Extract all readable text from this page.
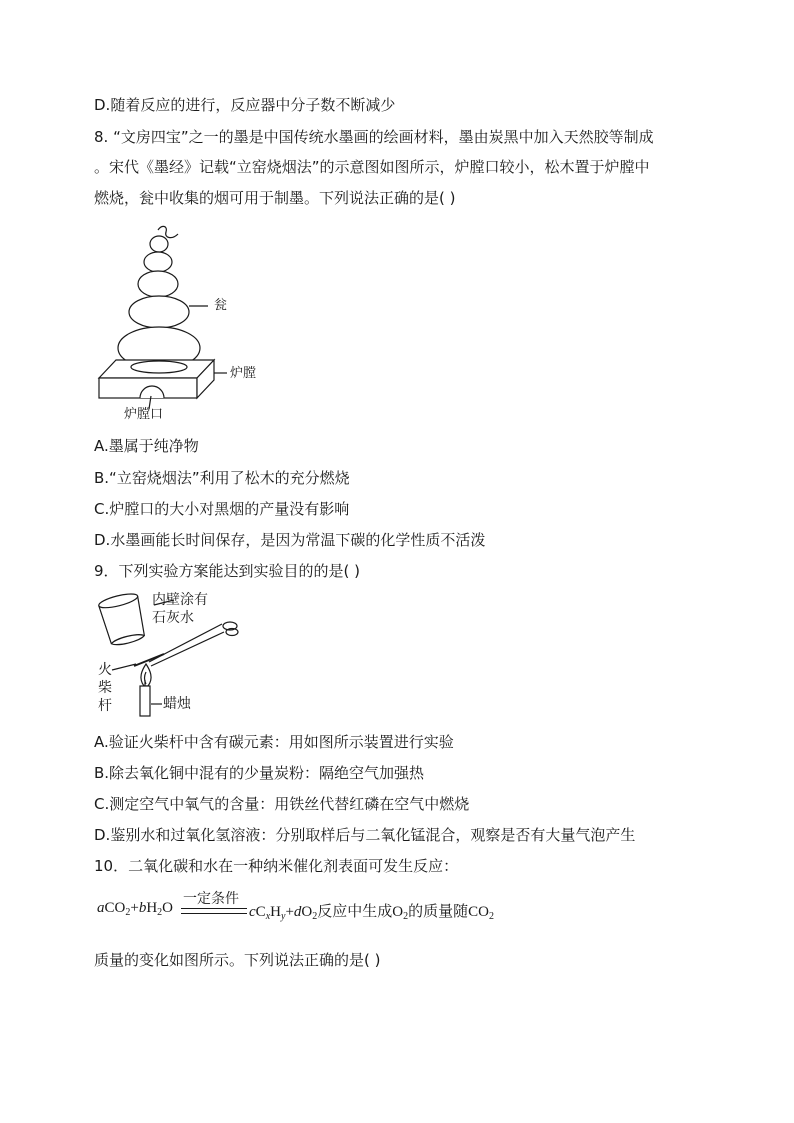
D.随着反应的进行，反应器中分子数不断减少
8. “文房四宝”之一的墨是中国传统水墨画的绘画材料，墨由炭黑中加入天然胶等制成
。宋代《墨经》记载“立窑烧烟法”的示意图如图所示，炉膛口较小，松木置于炉膛中
燃烧，瓮中收集的烟可用于制墨。下列说法正确的是( )
瓮
炉膛
炉膛口
A.墨属于纯净物
B.“立窑烧烟法”利用了松木的充分燃烧
C.炉膛口的大小对黑烟的产量没有影响
D.水墨画能长时间保存，是因为常温下碳的化学性质不活泼
9．下列实验方案能达到实验目的的是( )
内壁涂有
石灰水
火
柴
杆	蜡烛
A.验证火柴杆中含有碳元素：用如图所示装置进行实验
B.除去氧化铜中混有的少量炭粉：隔绝空气加强热
C.测定空气中氧气的含量：用铁丝代替红磷在空气中燃烧
D.鉴别水和过氧化氢溶液：分别取样后与二氧化锰混合，观察是否有大量气泡产生
10．二氧化碳和水在一种纳米催化剂表面可发生反应：
$aCO_2+bH_2O$
一定条件
$cC_xH_y+dO_2$反应中生成$O_2$的质量随$CO_2$
质量的变化如图所示。下列说法正确的是( )
